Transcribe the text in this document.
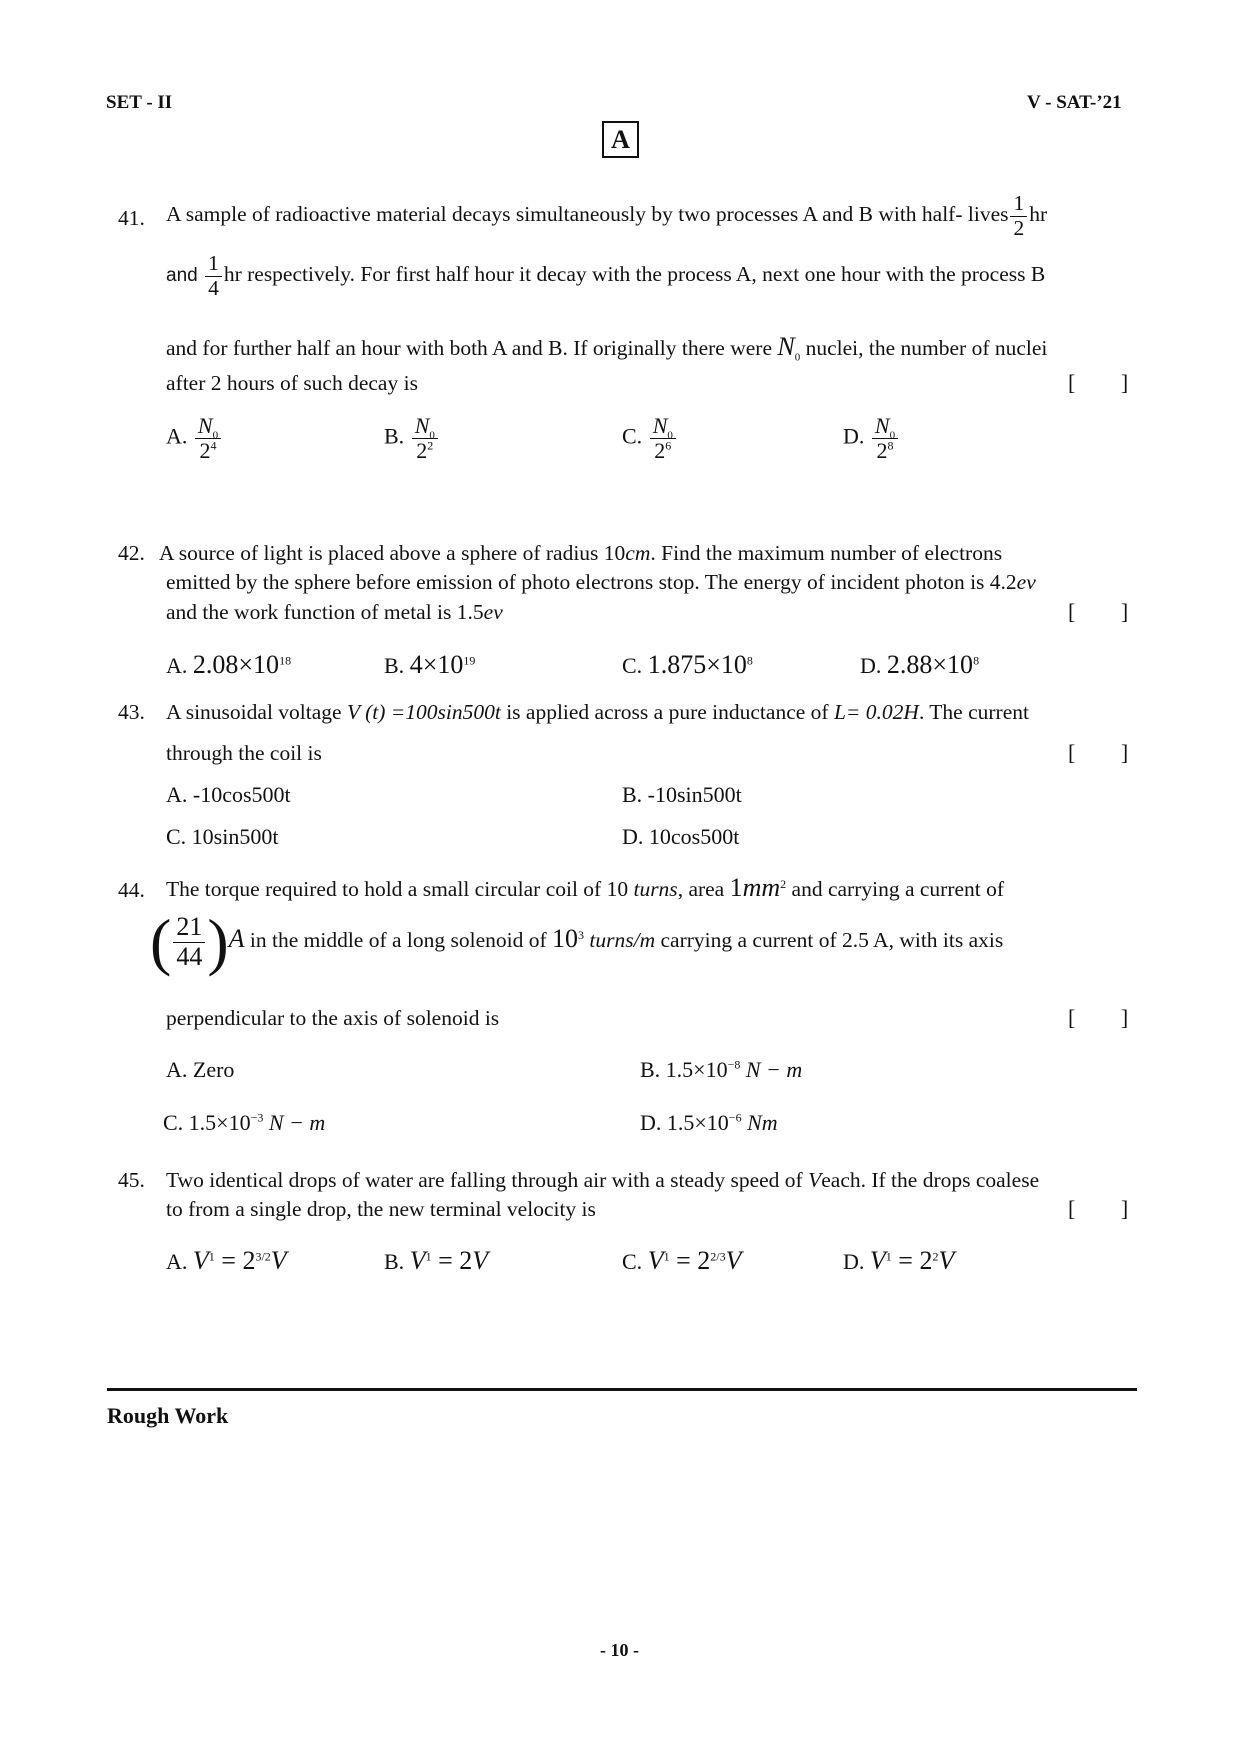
SET - II	V - SAT-’21
A
41. A sample of radioactive material decays simultaneously by two processes A and B with half- lives $\frac{1}{2}$ hr
and $\frac{1}{4}$ hr respectively. For first half hour it decay with the process A, next one hour with the process B
and for further half an hour with both A and B. If originally there were $N_0$ nuclei, the number of nuclei
after 2 hours of such decay is	[ ]
A. $\frac{N_0}{2^4}$	B. $\frac{N_0}{2^2}$	C. $\frac{N_0}{2^6}$	D. $\frac{N_0}{2^8}$
42. A source of light is placed above a sphere of radius 10cm. Find the maximum number of electrons
emitted by the sphere before emission of photo electrons stop. The energy of incident photon is 4.2ev
and the work function of metal is 1.5ev	[ ]
A. $2.08\times 10^{18}$	B. $4\times 10^{19}$	C. $1.875\times 10^8$	D. $2.88\times 10^8$
43. A sinusoidal voltage V (t) =100sin500t is applied across a pure inductance of L= 0.02H. The current
through the coil is	[ ]
A. -10cos500t	B. -10sin500t
C. 10sin500t	D. 10cos500t
44. The torque required to hold a small circular coil of 10 turns, area $1mm^2$ and carrying a current of
( $\frac{21}{44} )A$ in the middle of a long solenoid of $10^3$ turns/m carrying a current of 2.5 A, with its axis
perpendicular to the axis of solenoid is	[ ]
A. Zero	B. $1.5\times 10^{-8}$ N − m
C. $1.5\times 10^{-3}$ N − m	D. $1.5\times 10^{-6}$ Nm
45. Two identical drops of water are falling through air with a steady speed of Veach. If the drops coalese
to from a single drop, the new terminal velocity is	[ ]
A. $V^1 = 2^{3/2}V$	B. $V^1 = 2V$	C. $V^1 = 2^{2/3}V$	D. $V^1 = 2^2V$
Rough Work
- 10 -
